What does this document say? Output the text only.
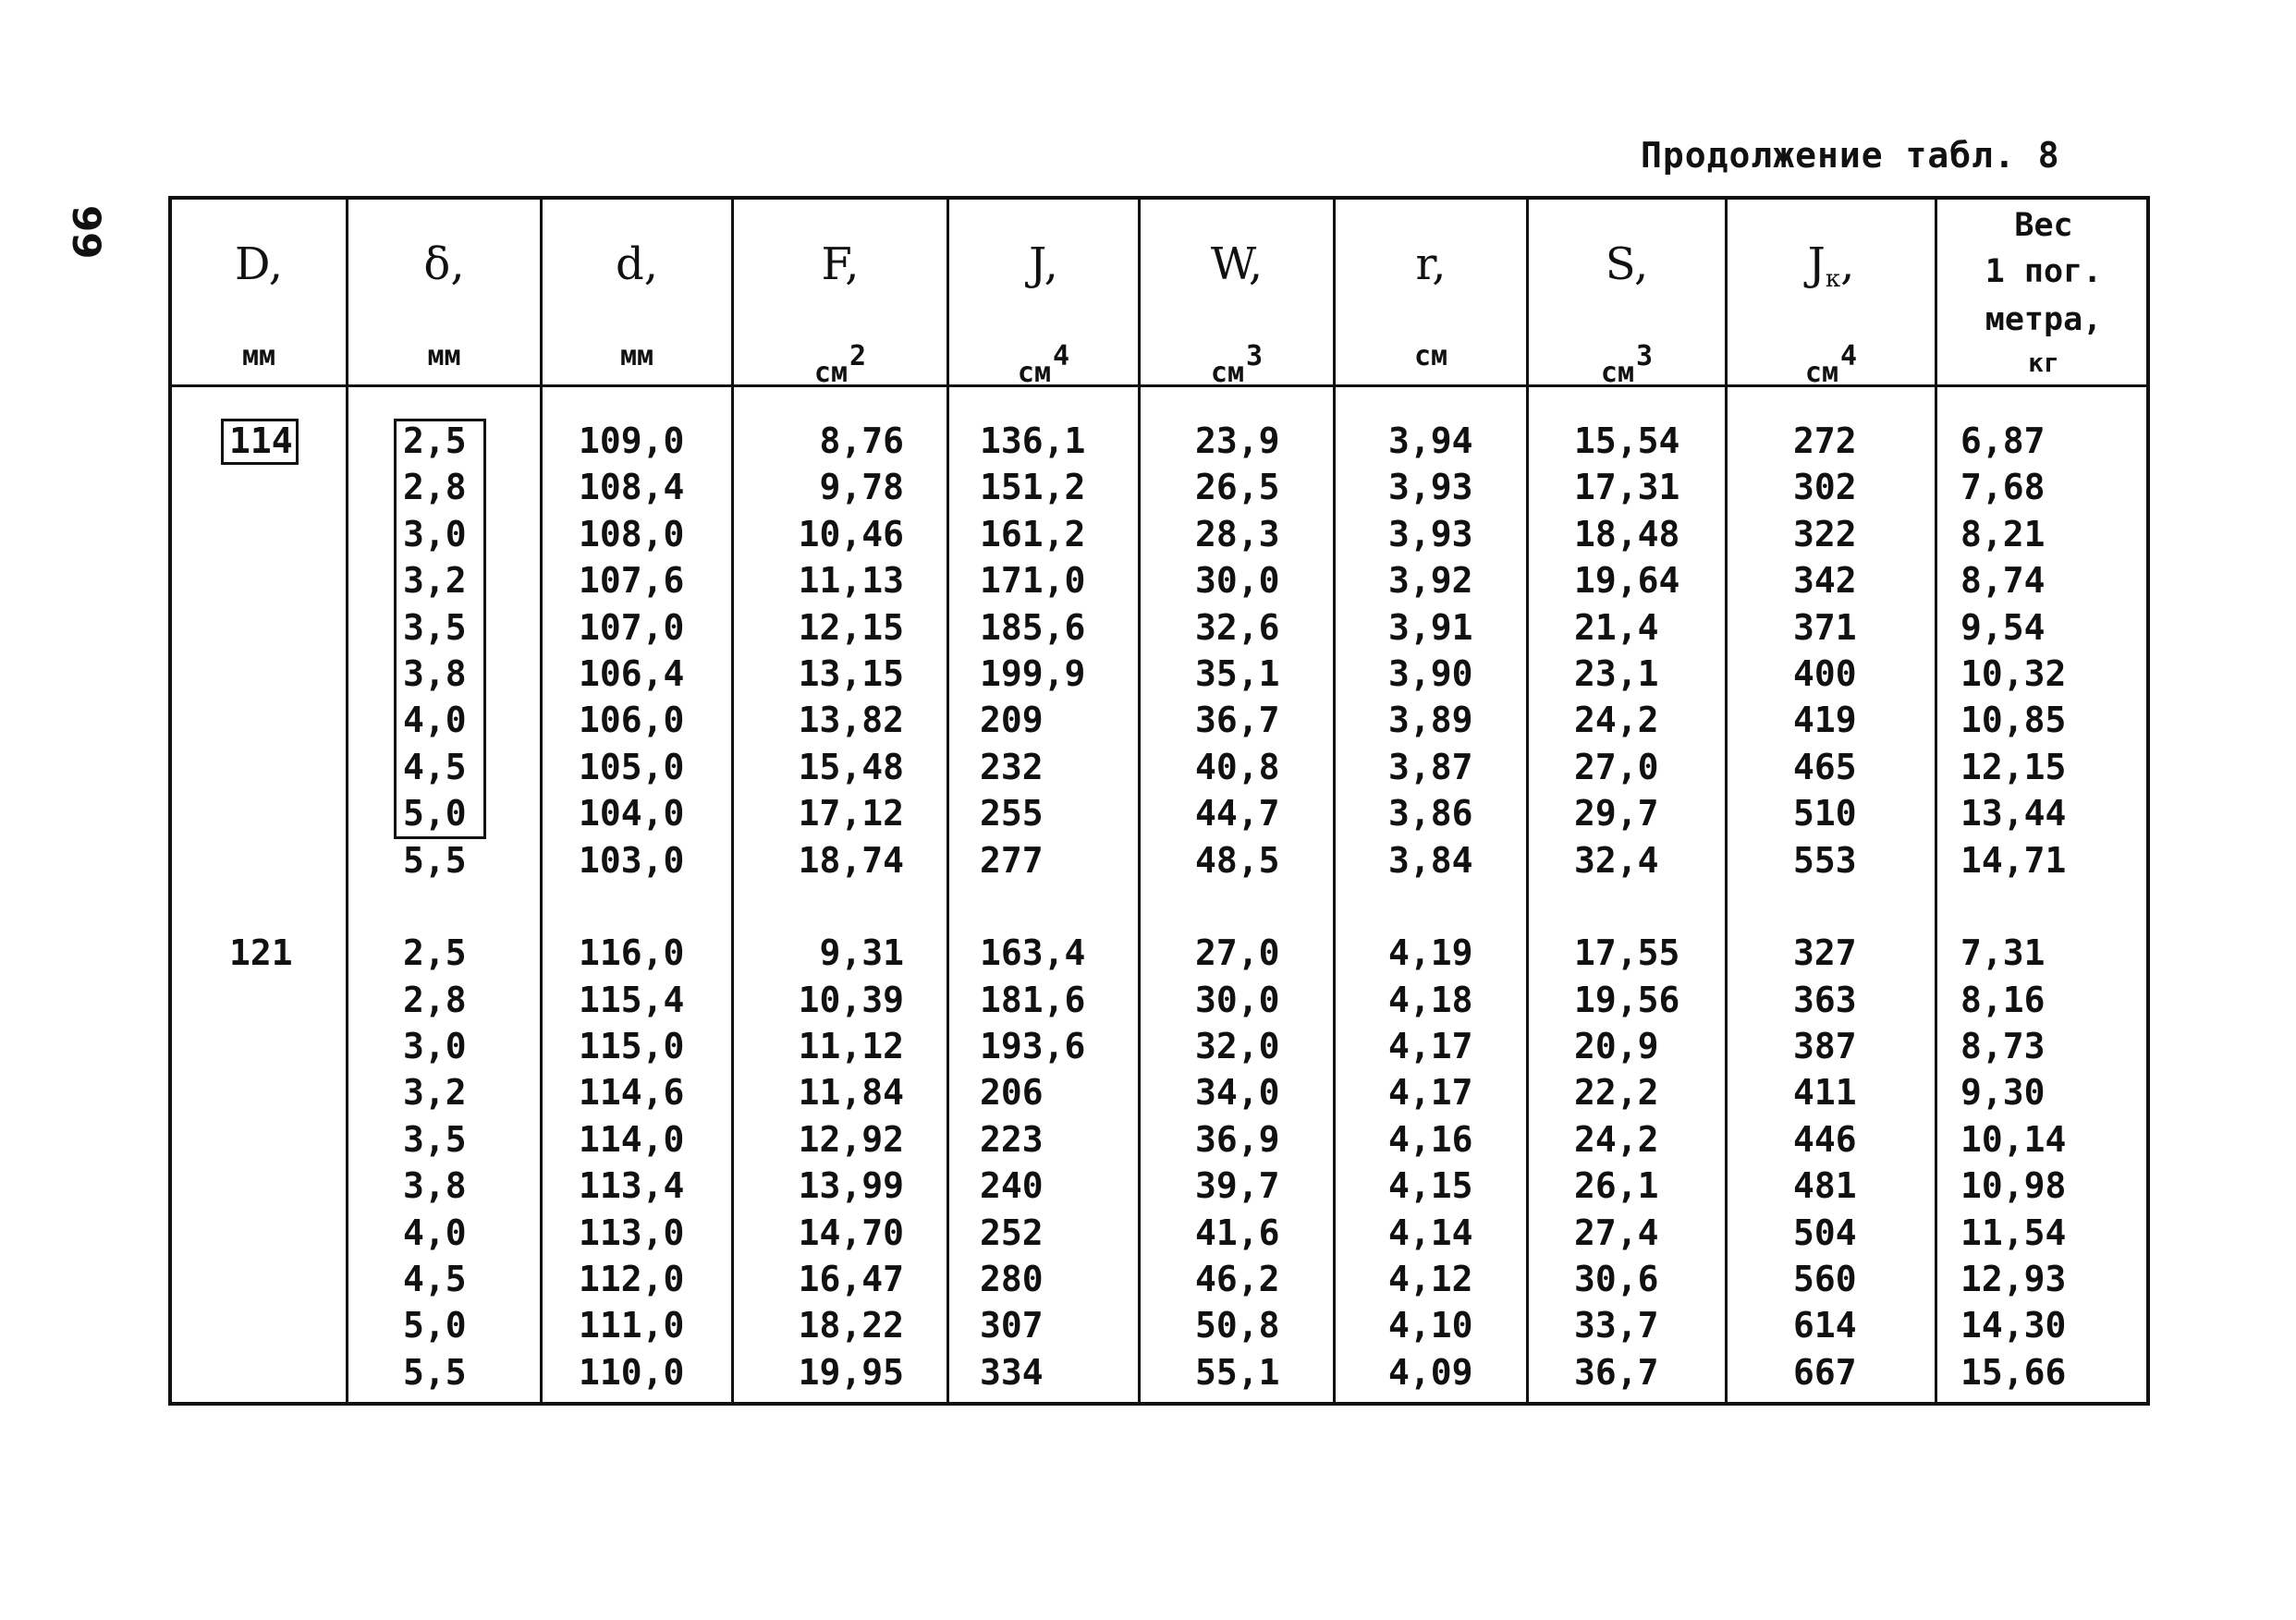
99
Продолжение табл. 8
D,
мм
δ,
мм
d,
мм
F,
см2
J,
см4
W,
см3
r,
см
S,
см3
$J_к$,
см4
Вес
1 пог.
метра,
кг
114
121
2,5
2,8
3,0
3,2
3,5
3,8
4,0
4,5
5,0
5,5
2,5
2,8
3,0
3,2
3,5
3,8
4,0
4,5
5,0
5,5
109,0
108,4
108,0
107,6
107,0
106,4
106,0
105,0
104,0
103,0
116,0
115,4
115,0
114,6
114,0
113,4
113,0
112,0
111,0
110,0
8,76
9,78
10,46
11,13
12,15
13,15
13,82
15,48
17,12
18,74
9,31
10,39
11,12
11,84
12,92
13,99
14,70
16,47
18,22
19,95
136,1
151,2
161,2
171,0
185,6
199,9
209
232
255
277
163,4
181,6
193,6
206
223
240
252
280
307
334
23,9
26,5
28,3
30,0
32,6
35,1
36,7
40,8
44,7
48,5
27,0
30,0
32,0
34,0
36,9
39,7
41,6
46,2
50,8
55,1
3,94
3,93
3,93
3,92
3,91
3,90
3,89
3,87
3,86
3,84
4,19
4,18
4,17
4,17
4,16
4,15
4,14
4,12
4,10
4,09
15,54
17,31
18,48
19,64
21,4
23,1
24,2
27,0
29,7
32,4
17,55
19,56
20,9
22,2
24,2
26,1
27,4
30,6
33,7
36,7
272
302
322
342
371
400
419
465
510
553
327
363
387
411
446
481
504
560
614
667
6,87
7,68
8,21
8,74
9,54
10,32
10,85
12,15
13,44
14,71
7,31
8,16
8,73
9,30
10,14
10,98
11,54
12,93
14,30
15,66
